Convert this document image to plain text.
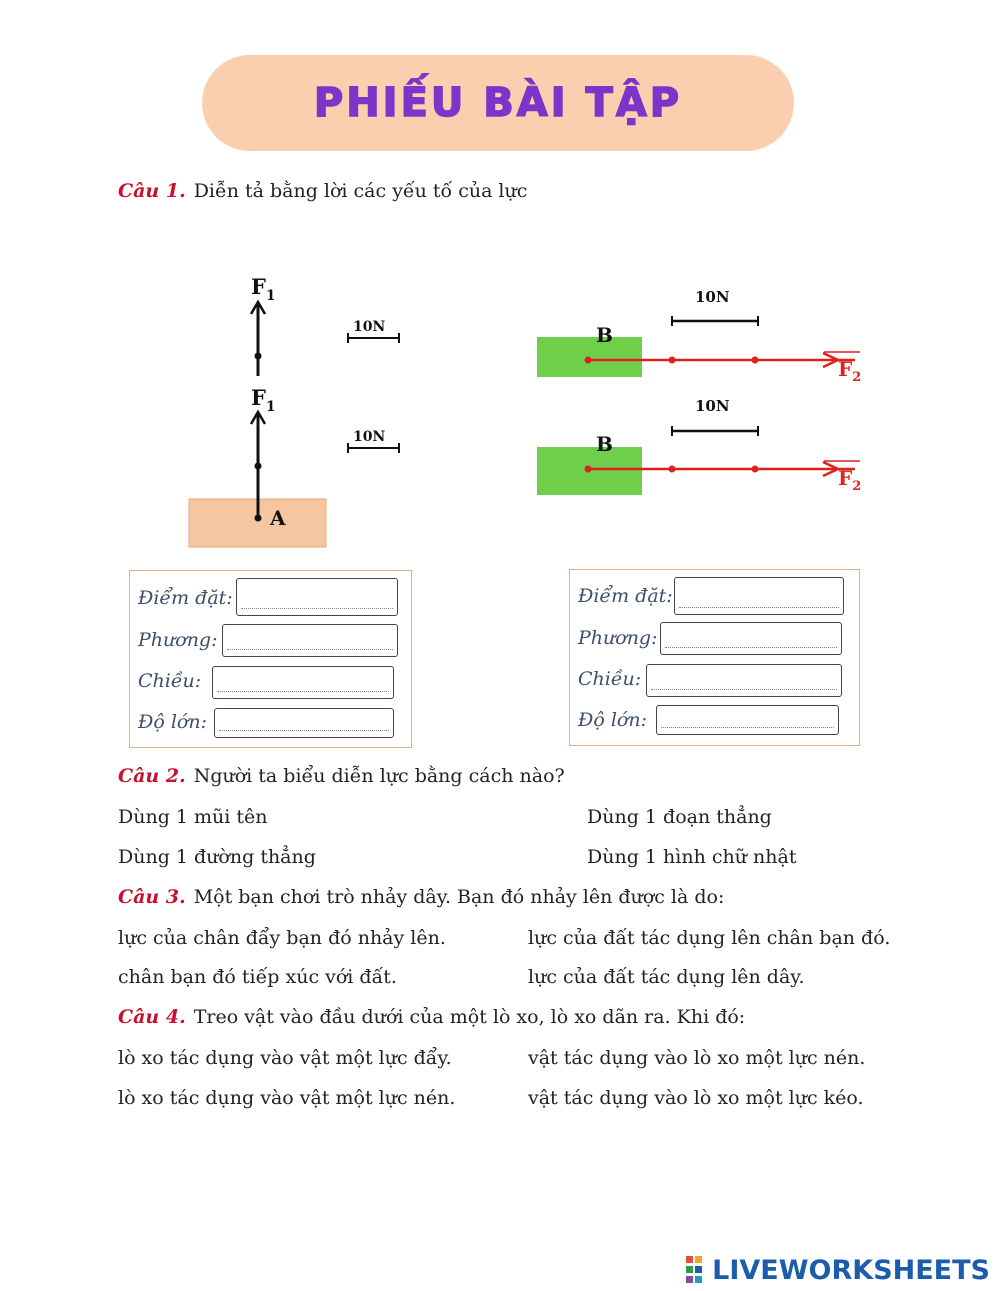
PHIẾU BÀI TẬP
Câu 1. Diễn tả bằng lời các yếu tố của lực
$F_1$
$F_1$
A
10N
10N
B
$F_2$
10N
B
$F_2$
10N
Điểm đặt:
Phương:
Chiều:
Độ lớn:
Điểm đặt:
Phương:
Chiều:
Độ lớn:
Câu 2. Người ta biểu diễn lực bằng cách nào?
Dùng 1 mũi tên	Dùng 1 đoạn thẳng
Dùng 1 đường thẳng	Dùng 1 hình chữ nhật
Câu 3. Một bạn chơi trò nhảy dây. Bạn đó nhảy lên được là do:
lực của chân đẩy bạn đó nhảy lên.	lực của đất tác dụng lên chân bạn đó.
chân bạn đó tiếp xúc với đất.	lực của đất tác dụng lên dây.
Câu 4. Treo vật vào đầu dưới của một lò xo, lò xo dãn ra. Khi đó:
lò xo tác dụng vào vật một lực đẩy.	vật tác dụng vào lò xo một lực nén.
lò xo tác dụng vào vật một lực nén.	vật tác dụng vào lò xo một lực kéo.
LIVEWORKSHEETS
